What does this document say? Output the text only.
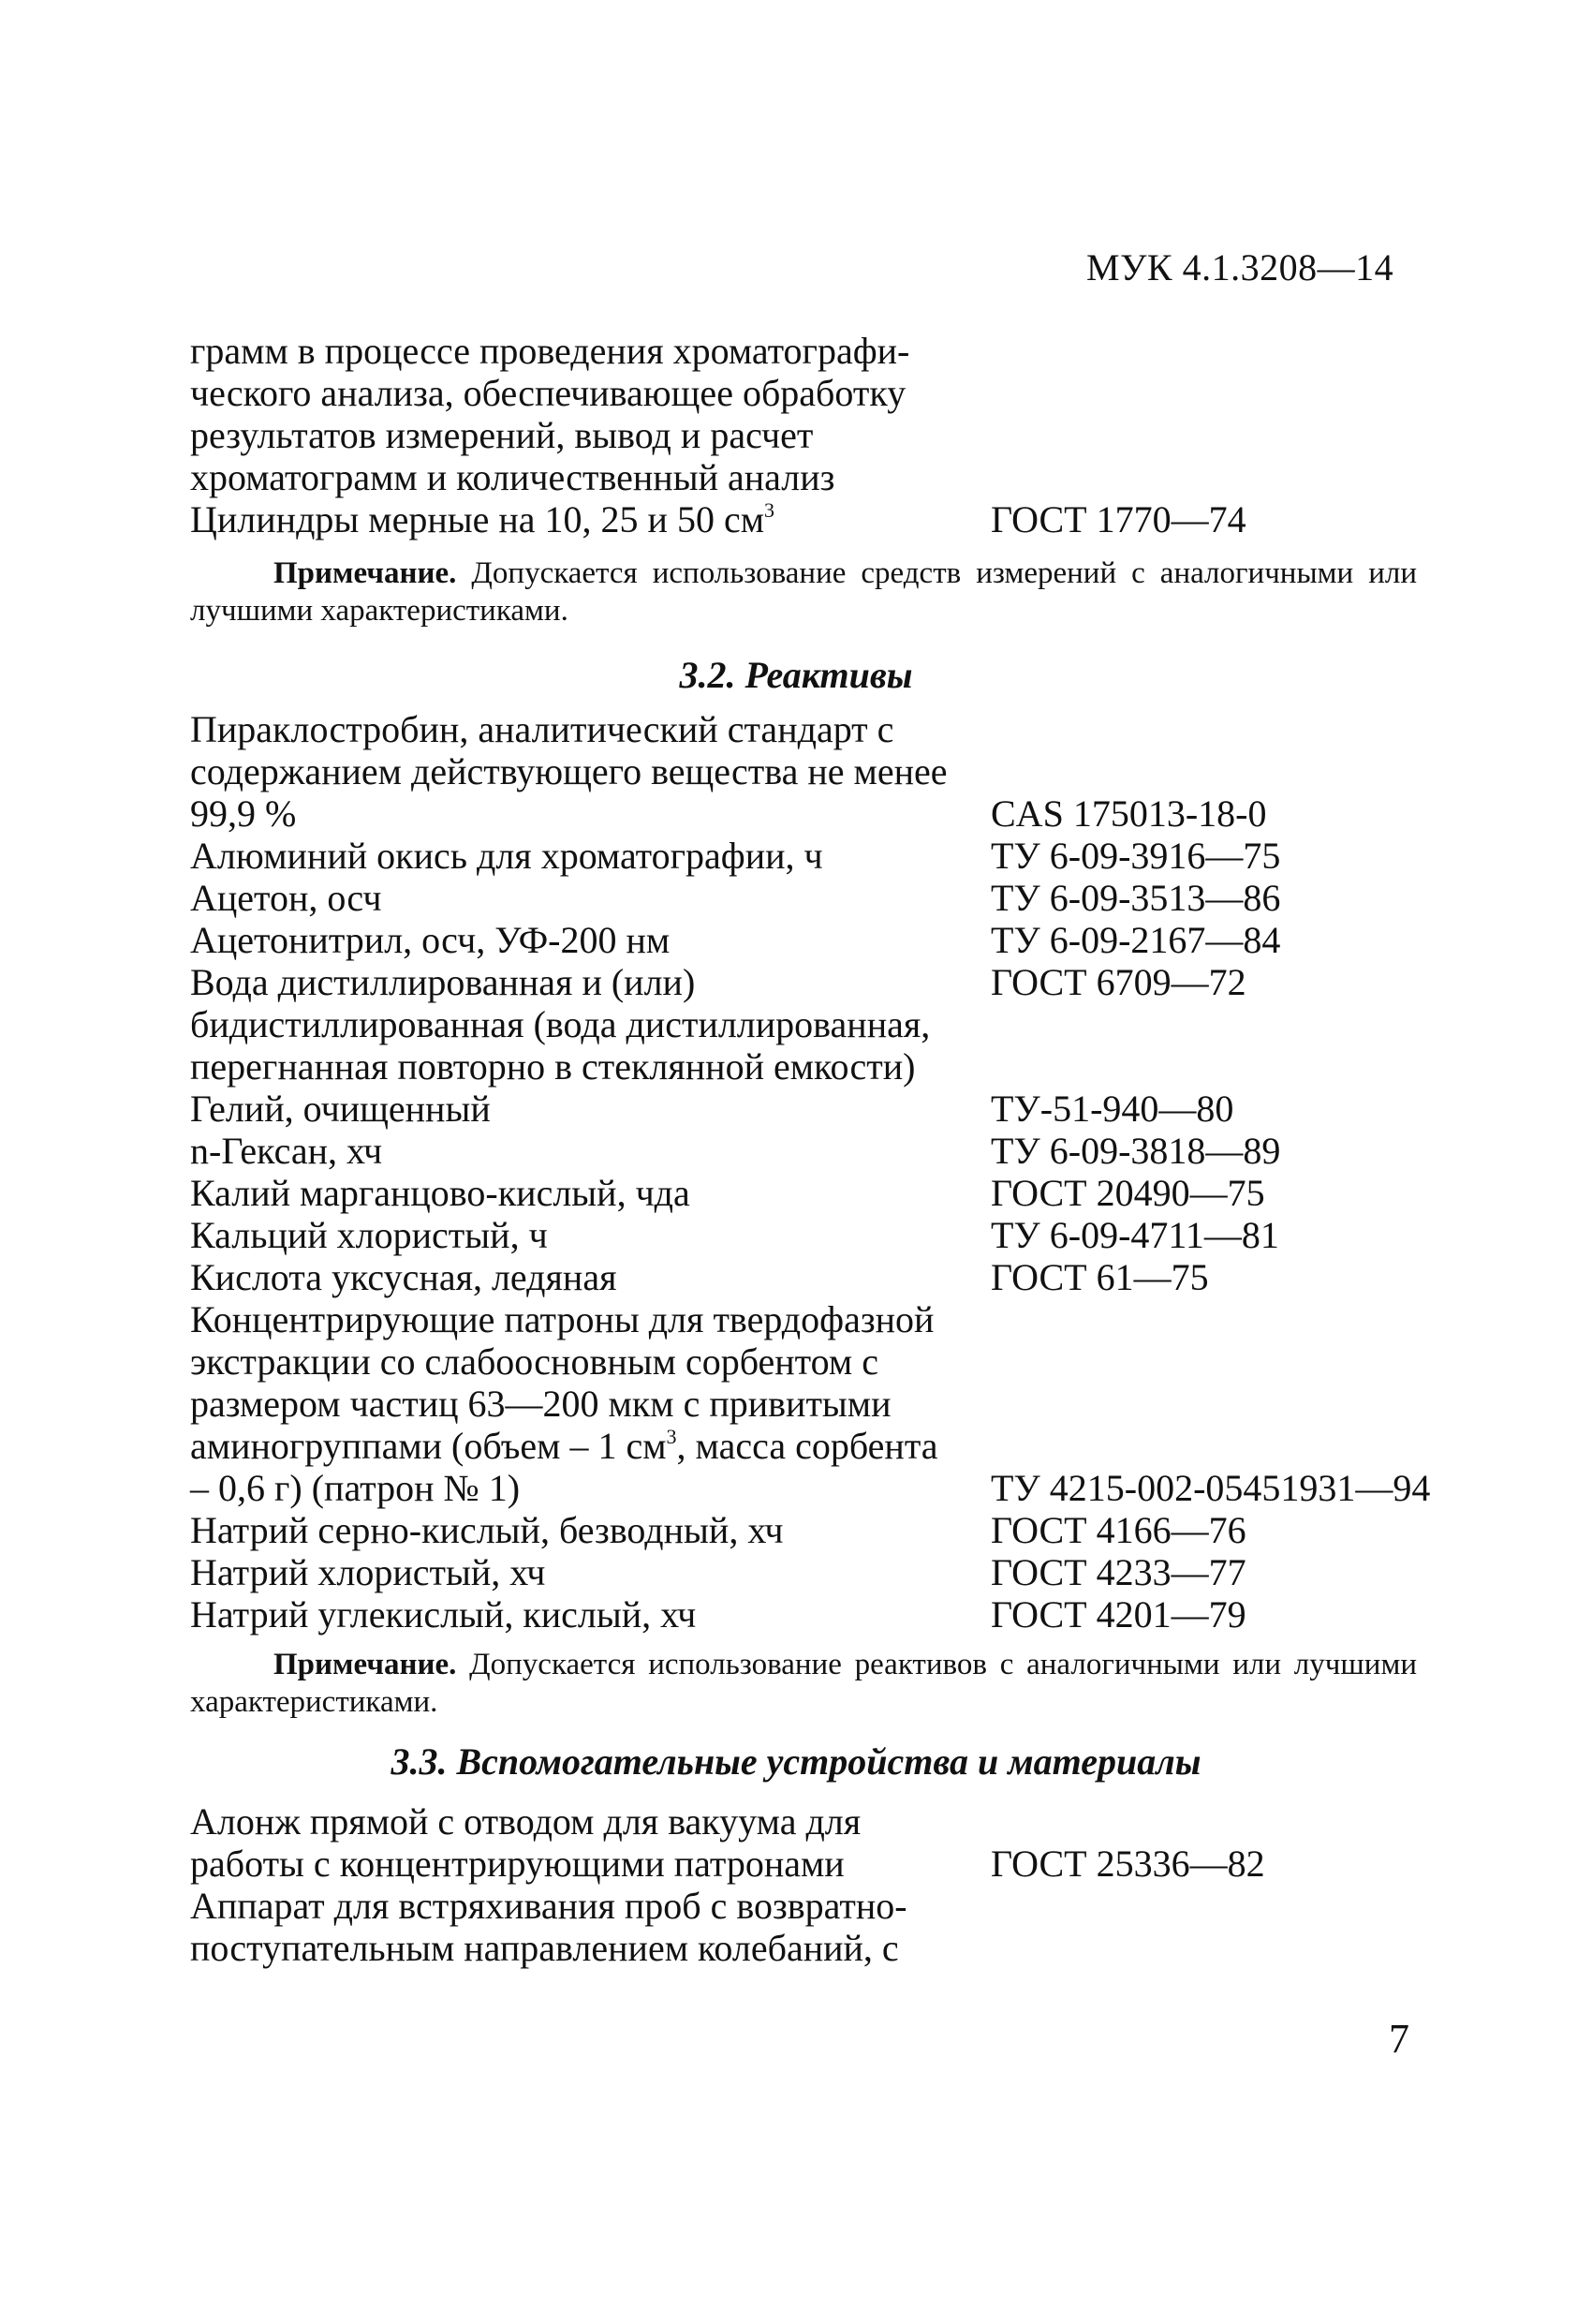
МУК 4.1.3208—14
грамм в процессе проведения хроматографи-
ческого анализа, обеспечивающее обработку
результатов измерений, вывод и расчет
хроматограмм и количественный анализ
Цилиндры мерные на 10, 25 и 50 $см^3$	ГОСТ 1770—74
Примечание. Допускается использование средств измерений с аналогичными или лучшими характеристиками.
3.2. Реактивы
Пираклостробин, аналитический стандарт с
содержанием действующего вещества не менее
99,9 %	CAS 175013-18-0
Алюминий окись для хроматографии, ч	ТУ 6-09-3916—75
Ацетон, осч	ТУ 6-09-3513—86
Ацетонитрил, осч, УФ-200 нм	ТУ 6-09-2167—84
Вода дистиллированная и (или)	ГОСТ 6709—72
бидистиллированная (вода дистиллированная,
перегнанная повторно в стеклянной емкости)
Гелий, очищенный	ТУ-51-940—80
n-Гексан, хч	ТУ 6-09-3818—89
Калий марганцово-кислый, чда	ГОСТ 20490—75
Кальций хлористый, ч	ТУ 6-09-4711—81
Кислота уксусная, ледяная	ГОСТ 61—75
Концентрирующие патроны для твердофазной
экстракции со слабоосновным сорбентом с
размером частиц 63—200 мкм с привитыми
аминогруппами (объем – 1 $см^3$, масса сорбента
– 0,6 г) (патрон № 1)	ТУ 4215-002-05451931—94
Натрий серно-кислый, безводный, хч	ГОСТ 4166—76
Натрий хлористый, хч	ГОСТ 4233—77
Натрий углекислый, кислый, хч	ГОСТ 4201—79
Примечание. Допускается использование реактивов с аналогичными или лучшими характеристиками.
3.3. Вспомогательные устройства и материалы
Алонж прямой с отводом для вакуума для
работы с концентрирующими патронами	ГОСТ 25336—82
Аппарат для встряхивания проб с возвратно-
поступательным направлением колебаний, с
7
